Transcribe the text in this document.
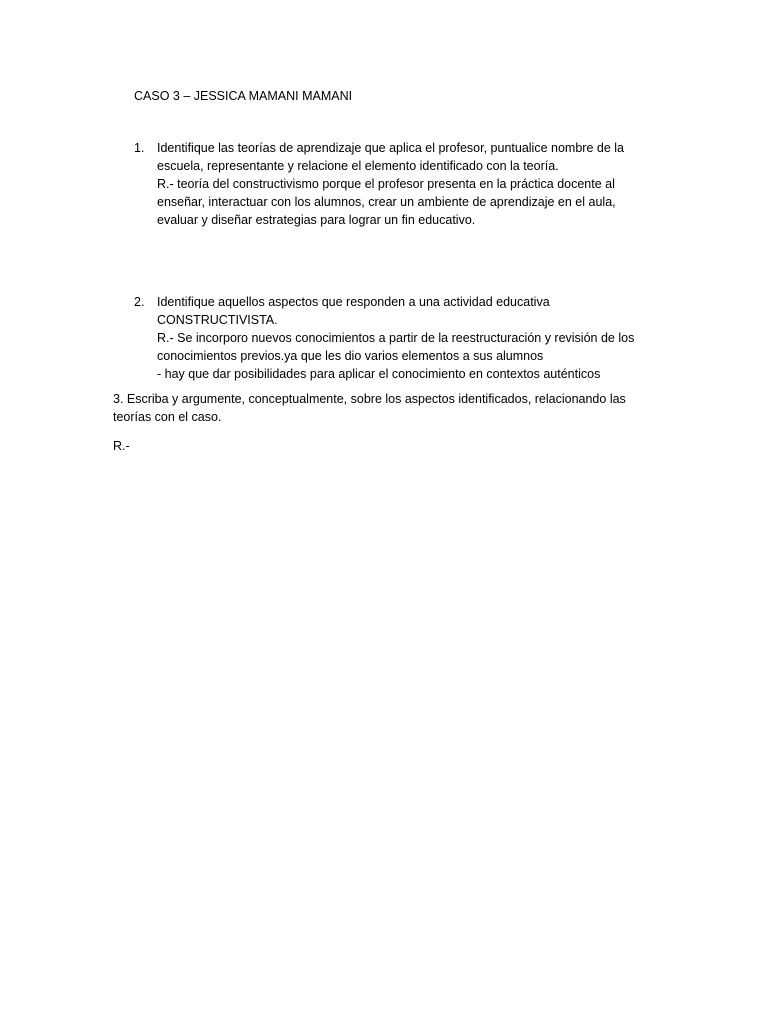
CASO 3 – JESSICA MAMANI MAMANI
1.	Identifique las teorías de aprendizaje que aplica el profesor, puntualice nombre de la
escuela, representante y relacione el elemento identificado con la teoría.
R.- teoría del constructivismo porque el profesor presenta en la práctica docente al
enseñar, interactuar con los alumnos, crear un ambiente de aprendizaje en el aula,
evaluar y diseñar estrategias para lograr un fin educativo.
2.	Identifique aquellos aspectos que responden a una actividad educativa
CONSTRUCTIVISTA.
R.- Se incorporo nuevos conocimientos a partir de la reestructuración y revisión de los
conocimientos previos.ya que les dio varios elementos a sus alumnos
- hay que dar posibilidades para aplicar el conocimiento en contextos auténticos
3. Escriba y argumente, conceptualmente, sobre los aspectos identificados, relacionando las
teorías con el caso.
R.-
